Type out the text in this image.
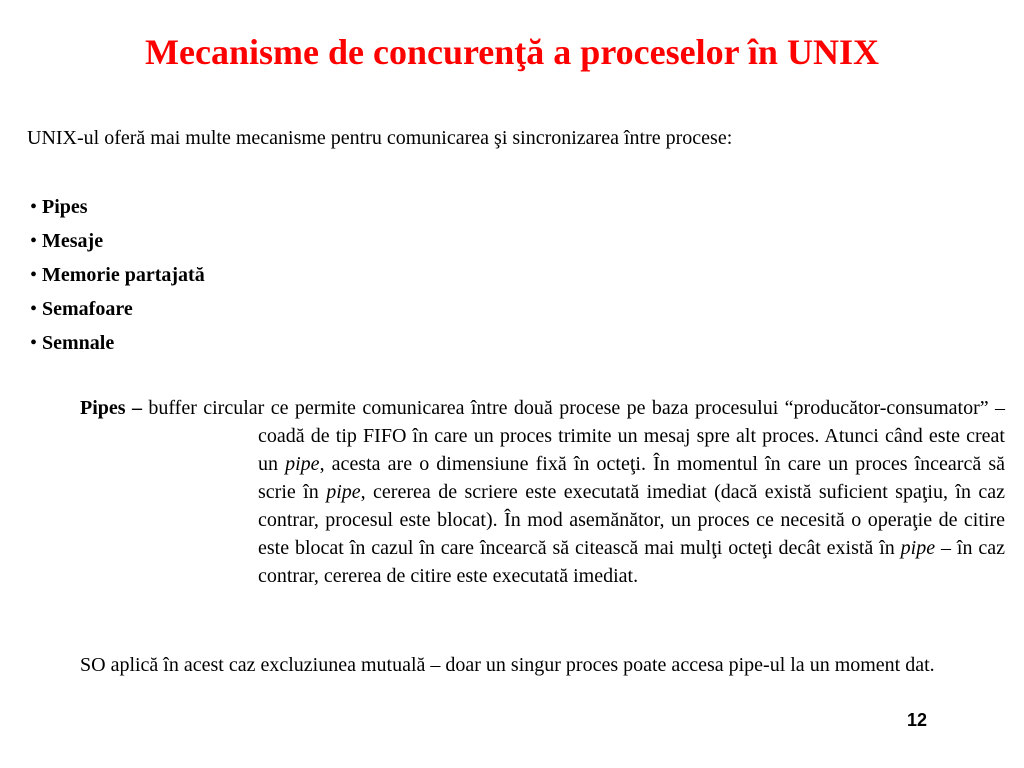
Mecanisme de concurenţă a proceselor în UNIX
UNIX-ul oferă mai multe mecanisme pentru comunicarea şi sincronizarea între procese:
• Pipes
• Mesaje
• Memorie partajată
• Semafoare
• Semnale

Pipes – buffer circular ce permite comunicarea între două procese pe baza procesului “producător-consumator” – coadă de tip FIFO în care un proces trimite un mesaj spre alt proces. Atunci când este creat un pipe, acesta are o dimensiune fixă în octeţi. În momentul în care un proces încearcă să scrie în pipe, cererea de scriere este executată imediat (dacă există suficient spaţiu, în caz contrar, procesul este blocat). În mod asemănător, un proces ce necesită o operaţie de citire este blocat în cazul în care încearcă să citească mai mulţi octeţi decât există în pipe – în caz contrar, cererea de citire este executată imediat.

SO aplică în acest caz excluziunea mutuală – doar un singur proces poate accesa pipe-ul la un moment dat.

12
